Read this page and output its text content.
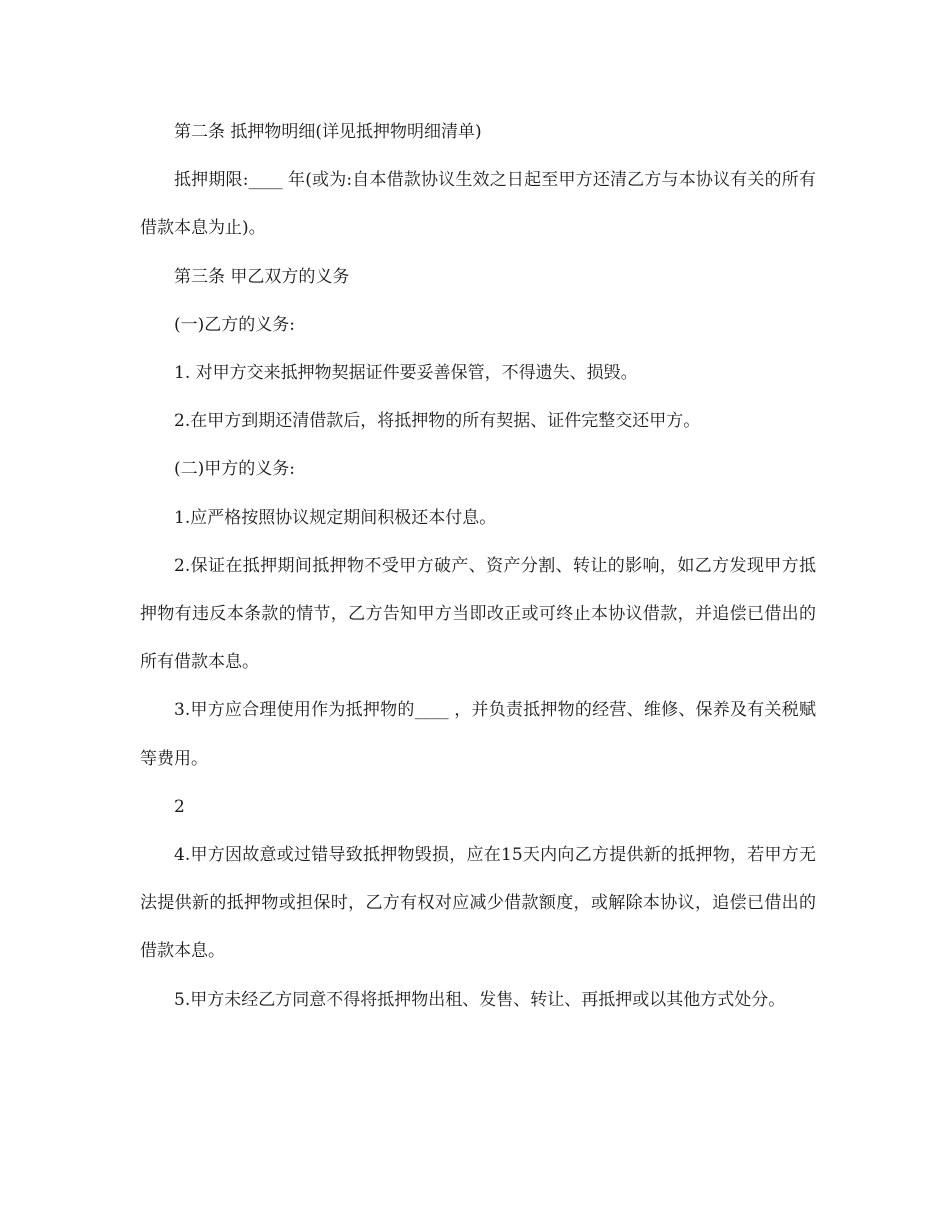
第二条 抵押物明细(详见抵押物明细清单)

抵押期限:____ 年(或为:自本借款协议生效之日起至甲方还清乙方与本协议有关的所有借款本息为止)。

第三条 甲乙双方的义务

(一)乙方的义务:

1. 对甲方交来抵押物契据证件要妥善保管，不得遗失、损毁。

2.在甲方到期还清借款后，将抵押物的所有契据、证件完整交还甲方。

(二)甲方的义务:

1.应严格按照协议规定期间积极还本付息。

2.保证在抵押期间抵押物不受甲方破产、资产分割、转让的影响，如乙方发现甲方抵押物有违反本条款的情节，乙方告知甲方当即改正或可终止本协议借款，并追偿已借出的所有借款本息。

3.甲方应合理使用作为抵押物的____ ，并负责抵押物的经营、维修、保养及有关税赋等费用。

2

4.甲方因故意或过错导致抵押物毁损，应在15天内向乙方提供新的抵押物，若甲方无法提供新的抵押物或担保时，乙方有权对应减少借款额度，或解除本协议，追偿已借出的借款本息。

5.甲方未经乙方同意不得将抵押物出租、发售、转让、再抵押或以其他方式处分。
